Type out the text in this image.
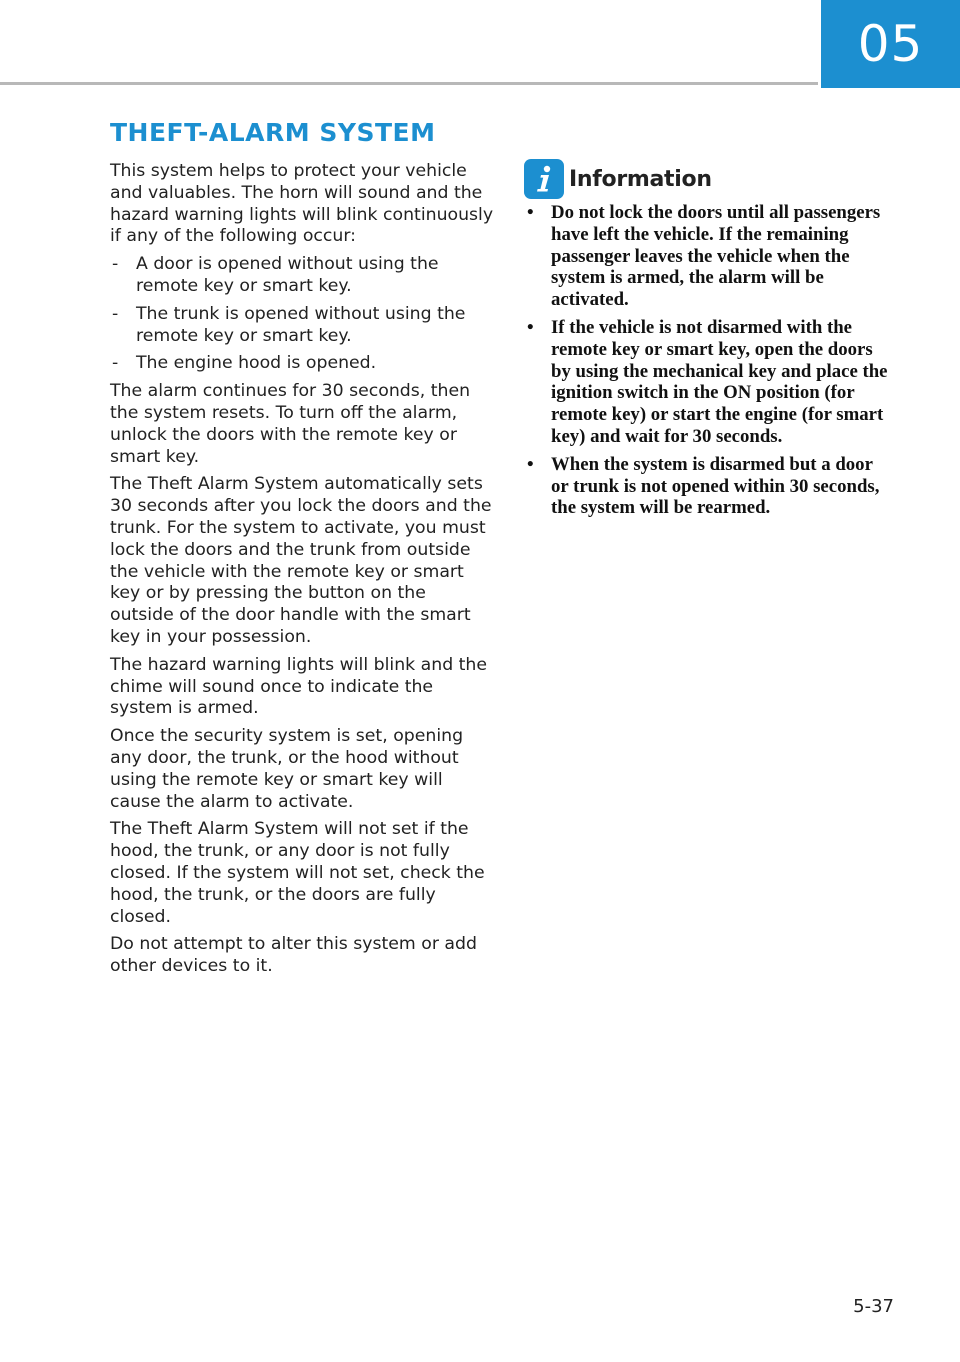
05
THEFT-ALARM SYSTEM

This system helps to protect your vehicle and valuables. The horn will sound and the hazard warning lights will blink continuously if any of the following occur:

- A door is opened without using the remote key or smart key.
- The trunk is opened without using the remote key or smart key.
- The engine hood is opened.

The alarm continues for 30 seconds, then the system resets. To turn off the alarm, unlock the doors with the remote key or smart key.

The Theft Alarm System automatically sets 30 seconds after you lock the doors and the trunk. For the system to activate, you must lock the doors and the trunk from outside the vehicle with the remote key or smart key or by pressing the button on the outside of the door handle with the smart key in your possession.

The hazard warning lights will blink and the chime will sound once to indicate the system is armed.

Once the security system is set, opening any door, the trunk, or the hood without using the remote key or smart key will cause the alarm to activate.

The Theft Alarm System will not set if the hood, the trunk, or any door is not fully closed. If the system will not set, check the hood, the trunk, or the doors are fully closed.

Do not attempt to alter this system or add other devices to it.

Information
• Do not lock the doors until all passengers have left the vehicle. If the remaining passenger leaves the vehicle when the system is armed, the alarm will be activated.
• If the vehicle is not disarmed with the remote key or smart key, open the doors by using the mechanical key and place the ignition switch in the ON position (for remote key) or start the engine (for smart key) and wait for 30 seconds.
• When the system is disarmed but a door or trunk is not opened within 30 seconds, the system will be rearmed.
5-37
